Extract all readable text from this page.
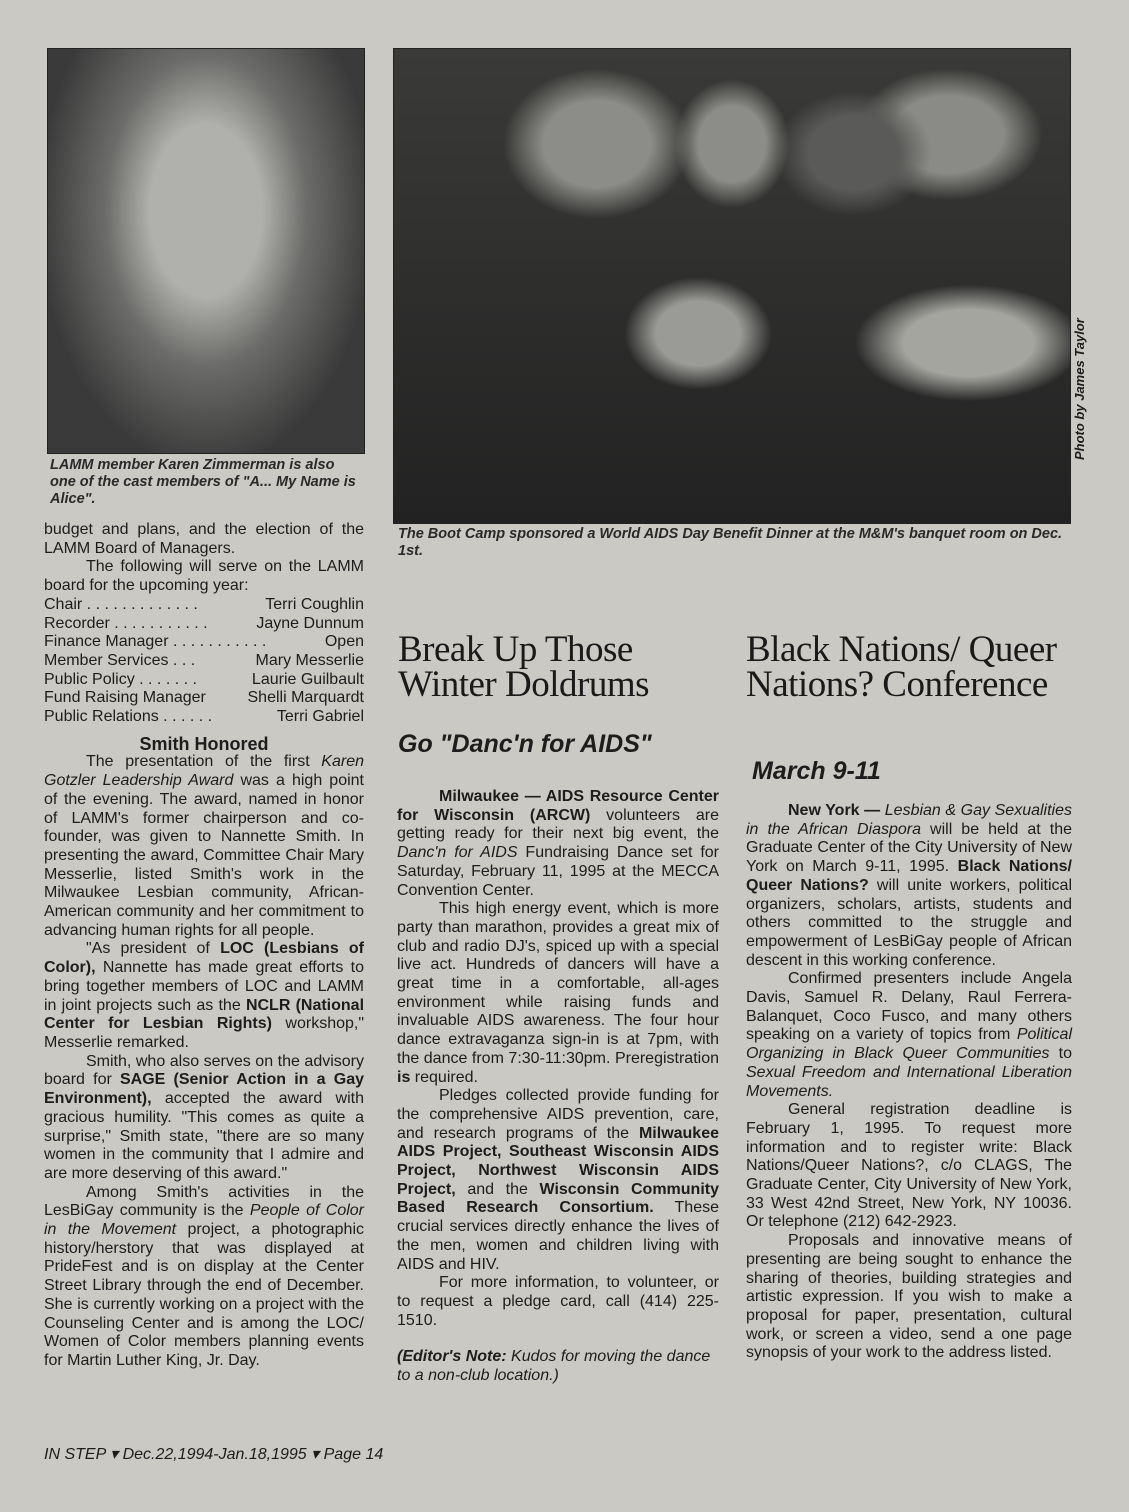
LAMM member Karen Zimmerman is also one of the cast members of "A... My Name is Alice".
Photo by James Taylor
The Boot Camp sponsored a World AIDS Day Benefit Dinner at the M&M's banquet room on Dec. 1st.

budget and plans, and the election of the LAMM Board of Managers.

The following will serve on the LAMM board for the upcoming year:

Chair . . . . . . . . . . . . .	Terri Coughlin
Recorder . . . . . . . . . . .	Jayne Dunnum
Finance Manager . . . . . . . . . . .	Open
Member Services . . .	Mary Messerlie
Public Policy . . . . . . .	Laurie Guilbault
Fund Raising Manager	Shelli Marquardt
Public Relations . . . . . .	Terri Gabriel
Smith Honored

The presentation of the first Karen Gotzler Leadership Award was a high point of the evening. The award, named in honor of LAMM's former chairperson and co-founder, was given to Nannette Smith. In presenting the award, Committee Chair Mary Messerlie, listed Smith's work in the Milwaukee Lesbian community, African-American community and her commitment to advancing human rights for all people.

"As president of LOC (Lesbians of Color), Nannette has made great efforts to bring together members of LOC and LAMM in joint projects such as the NCLR (National Center for Lesbian Rights) workshop," Messerlie remarked.

Smith, who also serves on the advisory board for SAGE (Senior Action in a Gay Environment), accepted the award with gracious humility. "This comes as quite a surprise," Smith state, "there are so many women in the community that I admire and are more deserving of this award."

Among Smith's activities in the LesBiGay community is the People of Color in the Movement project, a photographic history/herstory that was displayed at PrideFest and is on display at the Center Street Library through the end of December. She is currently working on a project with the Counseling Center and is among the LOC/ Women of Color members planning events for Martin Luther King, Jr. Day.

Break Up Those Winter Doldrums
Go "Danc'n for AIDS"

Milwaukee — AIDS Resource Center for Wisconsin (ARCW) volunteers are getting ready for their next big event, the Danc'n for AIDS Fundraising Dance set for Saturday, February 11, 1995 at the MECCA Convention Center.

This high energy event, which is more party than marathon, provides a great mix of club and radio DJ's, spiced up with a special live act. Hundreds of dancers will have a great time in a comfortable, all-ages environment while raising funds and invaluable AIDS awareness. The four hour dance extravaganza sign-in is at 7pm, with the dance from 7:30-11:30pm. Preregistration is required.

Pledges collected provide funding for the comprehensive AIDS prevention, care, and research programs of the Milwaukee AIDS Project, Southeast Wisconsin AIDS Project, Northwest Wisconsin AIDS Project, and the Wisconsin Community Based Research Consortium. These crucial services directly enhance the lives of the men, women and children living with AIDS and HIV.

For more information, to volunteer, or to request a pledge card, call (414) 225-1510.

(Editor's Note: Kudos for moving the dance to a non-club location.)

Black Nations/ Queer Nations? Conference
March 9-11

New York — Lesbian & Gay Sexualities in the African Diaspora will be held at the Graduate Center of the City University of New York on March 9-11, 1995. Black Nations/ Queer Nations? will unite workers, political organizers, scholars, artists, students and others committed to the struggle and empowerment of LesBiGay people of African descent in this working conference.

Confirmed presenters include Angela Davis, Samuel R. Delany, Raul Ferrera- Balanquet, Coco Fusco, and many others speaking on a variety of topics from Political Organizing in Black Queer Communities to Sexual Freedom and International Liberation Movements.

General registration deadline is February 1, 1995. To request more information and to register write: Black Nations/Queer Nations?, c/o CLAGS, The Graduate Center, City University of New York, 33 West 42nd Street, New York, NY 10036. Or telephone (212) 642-2923.

Proposals and innovative means of presenting are being sought to enhance the sharing of theories, building strategies and artistic expression. If you wish to make a proposal for paper, presentation, cultural work, or screen a video, send a one page synopsis of your work to the address listed.

IN STEP ▾ Dec.22,1994-Jan.18,1995 ▾ Page 14
